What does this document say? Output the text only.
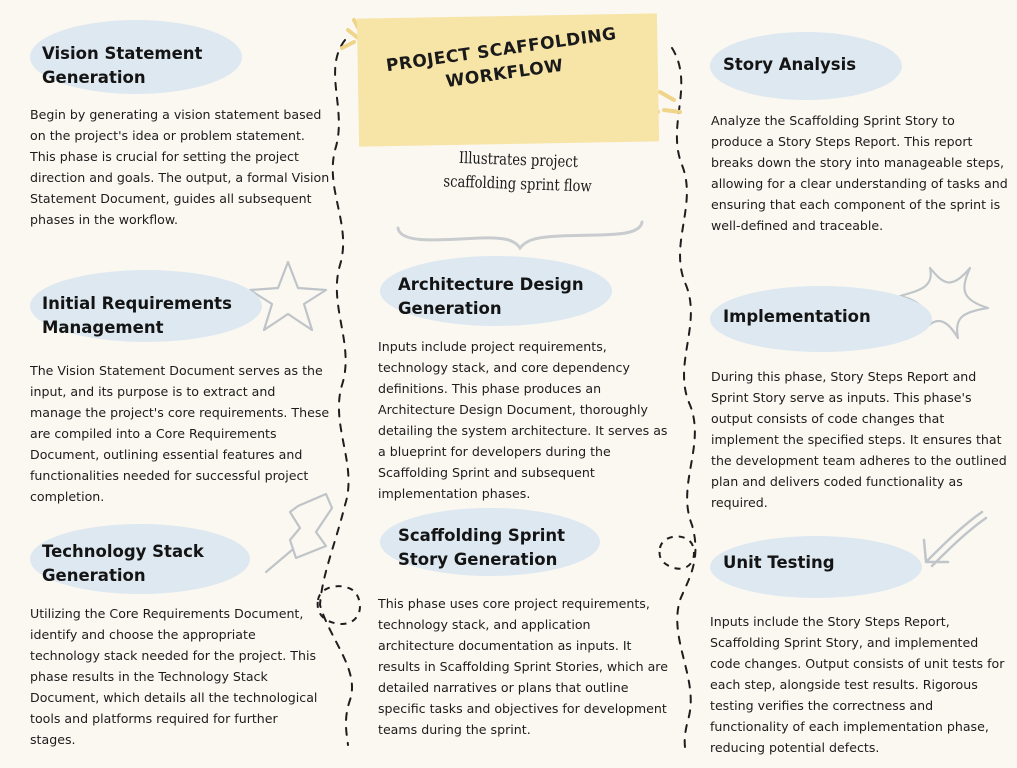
PROJECT SCAFFOLDING WORKFLOW

Illustrates project scaffolding sprint flow

Vision Statement Generation

Begin by generating a vision statement based on the project's idea or problem statement. This phase is crucial for setting the project direction and goals. The output, a formal Vision Statement Document, guides all subsequent phases in the workflow.

Initial Requirements Management

The Vision Statement Document serves as the input, and its purpose is to extract and manage the project's core requirements. These are compiled into a Core Requirements Document, outlining essential features and functionalities needed for successful project completion.

Technology Stack Generation

Utilizing the Core Requirements Document, identify and choose the appropriate technology stack needed for the project. This phase results in the Technology Stack Document, which details all the technological tools and platforms required for further stages.

Architecture Design Generation

Inputs include project requirements, technology stack, and core dependency definitions. This phase produces an Architecture Design Document, thoroughly detailing the system architecture. It serves as a blueprint for developers during the Scaffolding Sprint and subsequent implementation phases.

Scaffolding Sprint Story Generation

This phase uses core project requirements, technology stack, and application architecture documentation as inputs. It results in Scaffolding Sprint Stories, which are detailed narratives or plans that outline specific tasks and objectives for development teams during the sprint.

Story Analysis

Analyze the Scaffolding Sprint Story to produce a Story Steps Report. This report breaks down the story into manageable steps, allowing for a clear understanding of tasks and ensuring that each component of the sprint is well-defined and traceable.

Implementation

During this phase, Story Steps Report and Sprint Story serve as inputs. This phase's output consists of code changes that implement the specified steps. It ensures that the development team adheres to the outlined plan and delivers coded functionality as required.

Unit Testing

Inputs include the Story Steps Report, Scaffolding Sprint Story, and implemented code changes. Output consists of unit tests for each step, alongside test results. Rigorous testing verifies the correctness and functionality of each implementation phase, reducing potential defects.
